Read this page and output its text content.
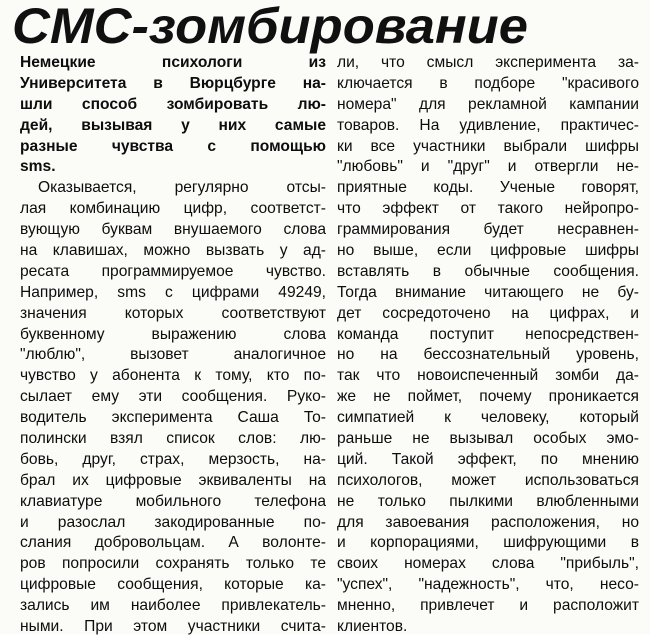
СМС-зомбирование
Немецкие психологи из
Университета в Вюрцбурге на-
шли способ зомбировать лю-
дей, вызывая у них самые
разные чувства с помощью
sms.
Оказывается, регулярно отсы-
лая комбинацию цифр, соответст-
вующую буквам внушаемого слова
на клавишах, можно вызвать у ад-
ресата программируемое чувство.
Например, sms с цифрами 49249,
значения которых соответствуют
буквенному выражению слова
"люблю", вызовет аналогичное
чувство у абонента к тому, кто по-
сылает ему эти сообщения. Руко-
водитель эксперимента Саша То-
полински взял список слов: лю-
бовь, друг, страх, мерзость, на-
брал их цифровые эквиваленты на
клавиатуре мобильного телефона
и разослал закодированные по-
слания добровольцам. А волонте-
ров попросили сохранять только те
цифровые сообщения, которые ка-
зались им наиболее привлекатель-
ными. При этом участники счита-
ли, что смысл эксперимента за-
ключается в подборе "красивого
номера" для рекламной кампании
товаров. На удивление, практичес-
ки все участники выбрали шифры
"любовь" и "друг" и отвергли не-
приятные коды. Ученые говорят,
что эффект от такого нейропро-
граммирования будет несравнен-
но выше, если цифровые шифры
вставлять в обычные сообщения.
Тогда внимание читающего не бу-
дет сосредоточено на цифрах, и
команда поступит непосредствен-
но на бессознательный уровень,
так что новоиспеченный зомби да-
же не поймет, почему проникается
симпатией к человеку, который
раньше не вызывал особых эмо-
ций. Такой эффект, по мнению
психологов, может использоваться
не только пылкими влюбленными
для завоевания расположения, но
и корпорациями, шифрующими в
своих номерах слова "прибыль",
"успех", "надежность", что, несо-
мненно, привлечет и расположит
клиентов.
